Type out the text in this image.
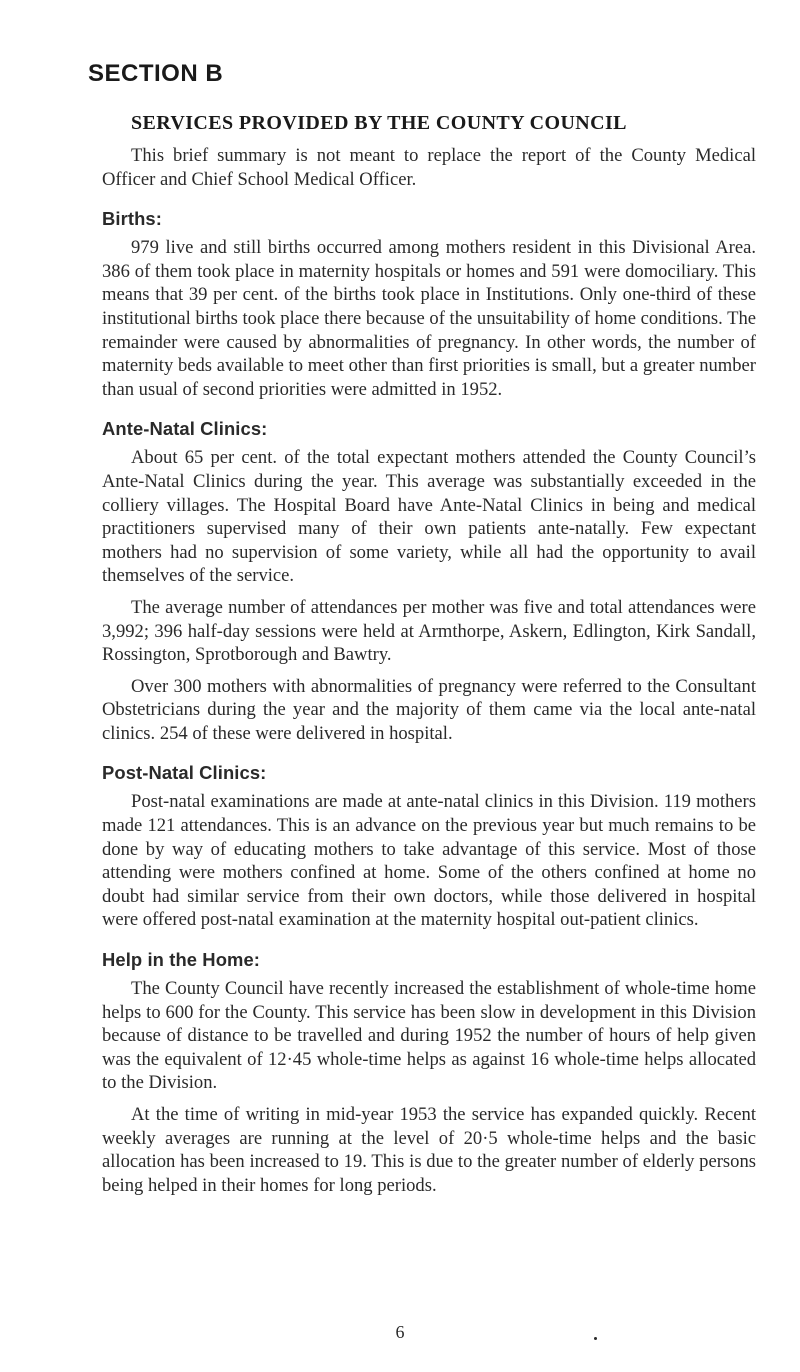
SECTION B
SERVICES PROVIDED BY THE COUNTY COUNCIL

This brief summary is not meant to replace the report of the County Medical Officer and Chief School Medical Officer.

Births:

979 live and still births occurred among mothers resident in this Divisional Area. 386 of them took place in maternity hospitals or homes and 591 were domociliary. This means that 39 per cent. of the births took place in Institutions. Only one-third of these institutional births took place there because of the unsuitability of home conditions. The remainder were caused by abnormalities of pregnancy. In other words, the number of maternity beds available to meet other than first priorities is small, but a greater number than usual of second priorities were admitted in 1952.

Ante-Natal Clinics:

About 65 per cent. of the total expectant mothers attended the County Council’s Ante-Natal Clinics during the year. This average was substantially exceeded in the colliery villages. The Hospital Board have Ante-Natal Clinics in being and medical practitioners supervised many of their own patients ante-natally. Few expectant mothers had no supervision of some variety, while all had the opportunity to avail themselves of the service.

The average number of attendances per mother was five and total attendances were 3,992; 396 half-day sessions were held at Armthorpe, Askern, Edlington, Kirk Sandall, Rossington, Sprotborough and Bawtry.

Over 300 mothers with abnormalities of pregnancy were referred to the Consultant Obstetricians during the year and the majority of them came via the local ante-natal clinics. 254 of these were delivered in hospital.

Post-Natal Clinics:

Post-natal examinations are made at ante-natal clinics in this Division. 119 mothers made 121 attendances. This is an advance on the previous year but much remains to be done by way of educating mothers to take advantage of this service. Most of those attending were mothers confined at home. Some of the others confined at home no doubt had similar service from their own doctors, while those delivered in hospital were offered post-natal examination at the maternity hospital out-patient clinics.

Help in the Home:

The County Council have recently increased the establishment of whole-time home helps to 600 for the County. This service has been slow in development in this Division because of distance to be travelled and during 1952 the number of hours of help given was the equivalent of 12·45 whole-time helps as against 16 whole-time helps allocated to the Division.

At the time of writing in mid-year 1953 the service has expanded quickly. Recent weekly averages are running at the level of 20·5 whole-time helps and the basic allocation has been increased to 19. This is due to the greater number of elderly persons being helped in their homes for long periods.

6
